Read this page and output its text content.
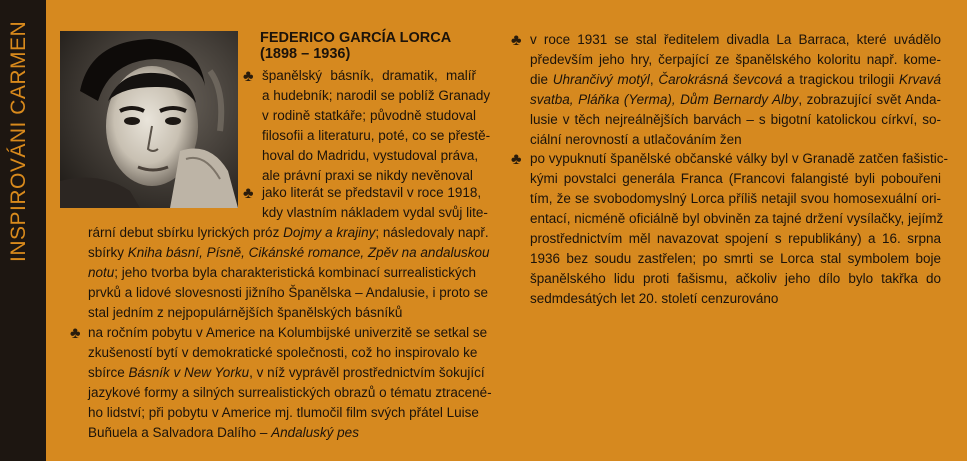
INSPIROVÁNI CARMEN	FEDERICO GARCÍA LORCA
(1898 – 1936)
♣ španělský básník, dramatik, malíř
a hudebník; narodil se poblíž Granady
v rodině statkáře; původně studoval
filosofii a literaturu, poté, co se přestě-
hoval do Madridu, vystudoval práva,
ale právní praxi se nikdy nevěnoval
♣ jako literát se představil v roce 1918,
kdy vlastním nákladem vydal svůj lite-
rární debut sbírku lyrických próz Dojmy a krajiny; následovaly např.
sbírky Kniha básní, Písně, Cikánské romance, Zpěv na andaluskou
notu; jeho tvorba byla charakteristická kombinací surrealistických
prvků a lidové slovesnosti jižního Španělska – Andalusie, i proto se
stal jedním z nejpopulárnějších španělských básníků
♣ na ročním pobytu v Americe na Kolumbijské univerzitě se setkal se
zkušeností bytí v demokratické společnosti, což ho inspirovalo ke
sbírce Básník v New Yorku, v níž vyprávěl prostřednictvím šokující
jazykové formy a silných surrealistických obrazů o tématu ztracené-
ho lidství; při pobytu v Americe mj. tlumočil film svých přátel Luise
Buñuela a Salvadora Dalího – Andaluský pes
♣ v roce 1931 se stal ředitelem divadla La Barraca, které uvádělo
především jeho hry, čerpající ze španělského koloritu např. kome-
die Uhrančivý motýl, Čarokrásná ševcová a tragickou trilogii Krvavá
svatba, Pláňka (Yerma), Dům Bernardy Alby, zobrazující svět Anda-
lusie v těch nejreálnějších barvách – s bigotní katolickou církví, so-
ciální nerovností a utlačováním žen
♣ po vypuknutí španělské občanské války byl v Granadě zatčen fašistic-
kými povstalci generála Franca (Francovi falangisté byli pobouřeni
tím, že se svobodomyslný Lorca příliš netajil svou homosexuální ori-
entací, nicméně oficiálně byl obviněn za tajné držení vysílačky, jejímž
prostřednictvím měl navazovat spojení s republikány) a 16. srpna
1936 bez soudu zastřelen; po smrti se Lorca stal symbolem boje
španělského lidu proti fašismu, ačkoliv jeho dílo bylo takřka do
sedmdesátých let 20. století cenzurováno
